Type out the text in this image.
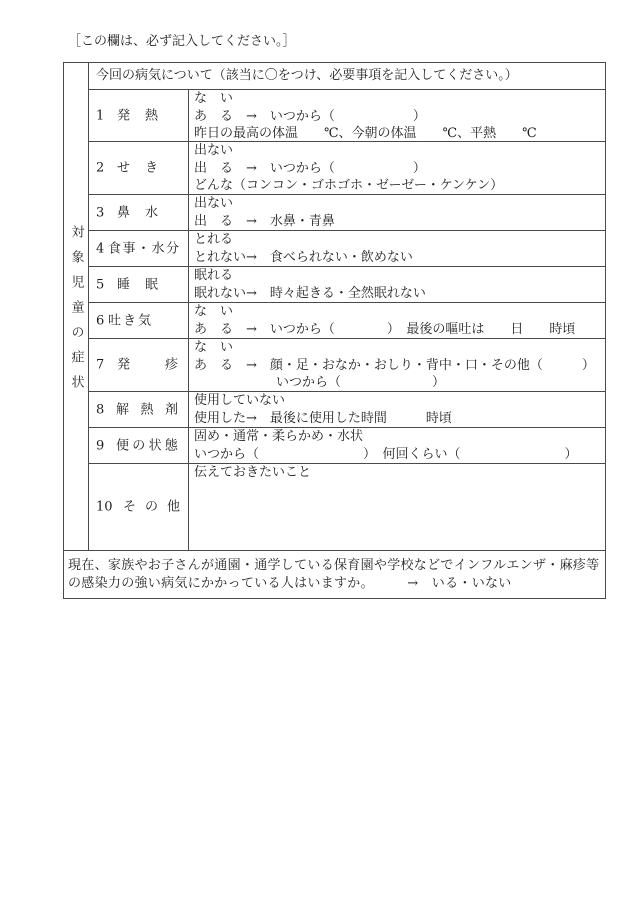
［この欄は、必ず記入してください。］
対象児童の症状
今回の病気について（該当に〇をつけ、必要事項を記入してください。）
1 発熱
な　い
あ　る　→　いつから（　　　　　　）
昨日の最高の体温　　℃、今朝の体温　　℃、平熱　　℃
2 せき
出ない
出　る　→　いつから（　　　　　　）
どんな（コンコン・ゴホゴホ・ゼーゼー・ケンケン）
3 鼻水
出ない
出　る　→　水鼻・青鼻
4 食事・水分
とれる
とれない→　食べられない・飲めない
5 睡眠
眠れる
眠れない→　時々起きる・全然眠れない
6 吐き気
な　い
あ　る　→　いつから（　　　　）　最後の嘔吐は　　日　　時頃
7 発疹
な　い
あ　る　→　顔・足・おなか・おしり・背中・口・その他（　　　）
いつから（　　　　　　　）
8 解熱剤
使用していない
使用した→　最後に使用した時間　　　時頃
9 便の状態
固め・通常・柔らかめ・水状
いつから（　　　　　　　　）　何回くらい（　　　　　　　　）
10 その他
伝えておきたいこと
現在、家族やお子さんが通園・通学している保育園や学校などでインフルエンザ・麻疹等
の感染力の強い病気にかかっている人はいますか。　　　→　いる・いない
